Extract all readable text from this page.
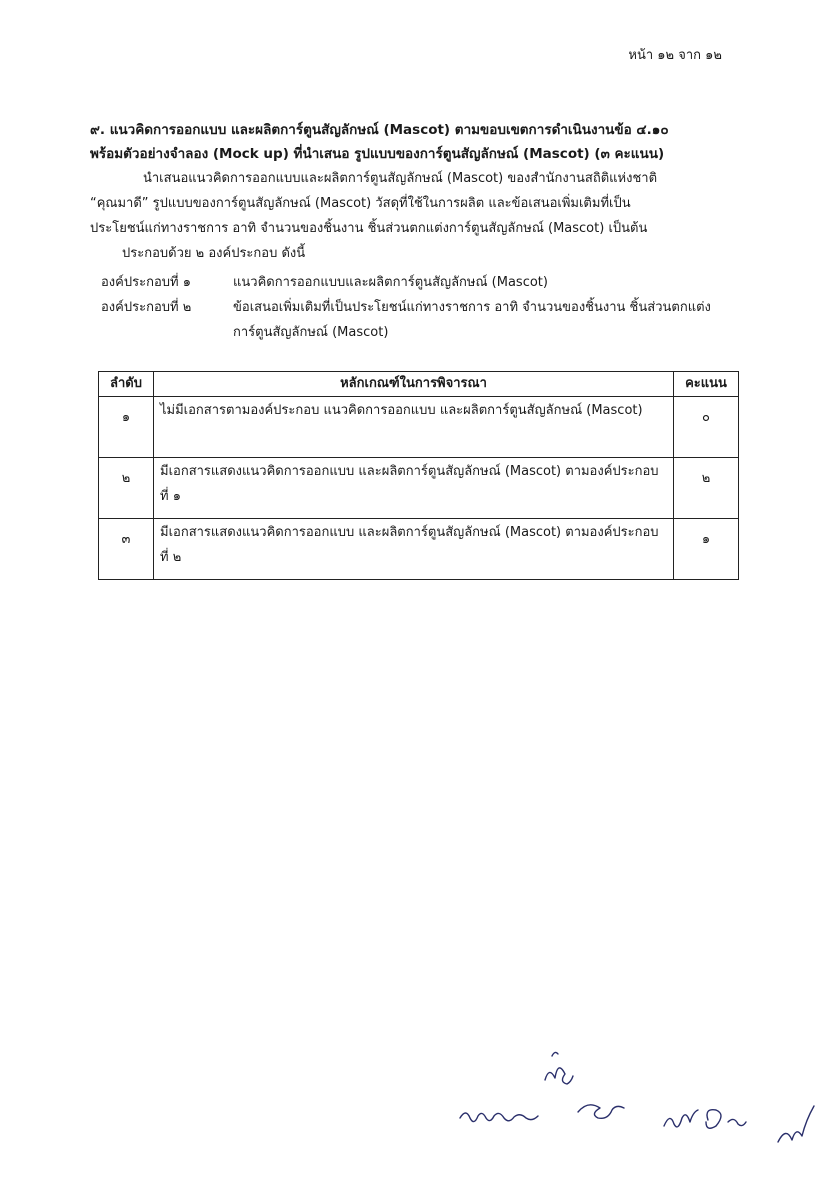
หน้า ๑๒ จาก ๑๒
๙. แนวคิดการออกแบบ และผลิตการ์ตูนสัญลักษณ์ (Mascot) ตามขอบเขตการดำเนินงานข้อ ๔.๑๐
พร้อมตัวอย่างจำลอง (Mock up) ที่นำเสนอ รูปแบบของการ์ตูนสัญลักษณ์ (Mascot) (๓ คะแนน)
นำเสนอแนวคิดการออกแบบและผลิตการ์ตูนสัญลักษณ์ (Mascot) ของสำนักงานสถิติแห่งชาติ
“คุณมาดี” รูปแบบของการ์ตูนสัญลักษณ์ (Mascot) วัสดุที่ใช้ในการผลิต และข้อเสนอเพิ่มเติมที่เป็น
ประโยชน์แก่ทางราชการ อาทิ จำนวนของชิ้นงาน ชิ้นส่วนตกแต่งการ์ตูนสัญลักษณ์ (Mascot) เป็นต้น
ประกอบด้วย ๒ องค์ประกอบ ดังนี้
องค์ประกอบที่ ๑	แนวคิดการออกแบบและผลิตการ์ตูนสัญลักษณ์ (Mascot)
องค์ประกอบที่ ๒	ข้อเสนอเพิ่มเติมที่เป็นประโยชน์แก่ทางราชการ อาทิ จำนวนของชิ้นงาน ชิ้นส่วนตกแต่งการ์ตูนสัญลักษณ์ (Mascot)
ลำดับ	หลักเกณฑ์ในการพิจารณา	คะแนน
๑	ไม่มีเอกสารตามองค์ประกอบ แนวคิดการออกแบบ และผลิตการ์ตูนสัญลักษณ์ (Mascot)	๐
๒	มีเอกสารแสดงแนวคิดการออกแบบ และผลิตการ์ตูนสัญลักษณ์ (Mascot) ตามองค์ประกอบที่ ๑	๒
๓	มีเอกสารแสดงแนวคิดการออกแบบ และผลิตการ์ตูนสัญลักษณ์ (Mascot) ตามองค์ประกอบที่ ๒	๑
